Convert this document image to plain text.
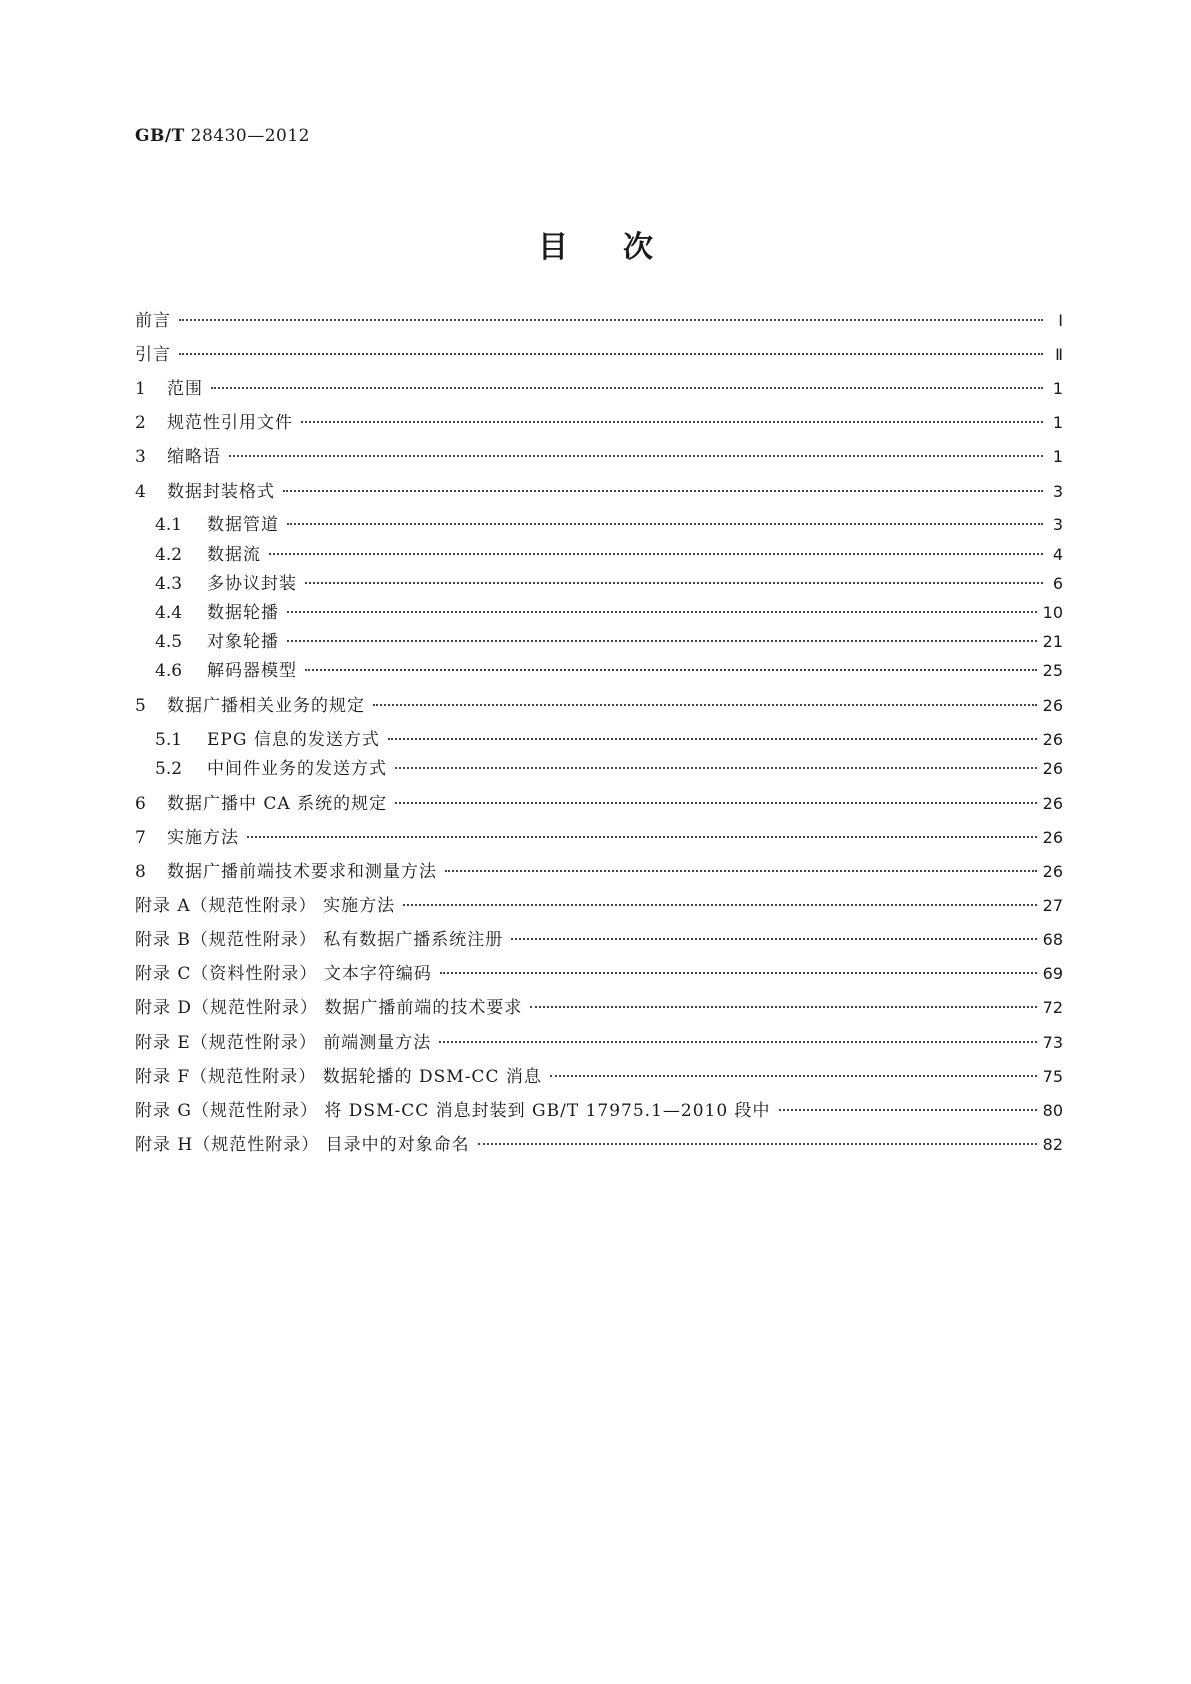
GB/T 28430—2012
目次
前言	Ⅰ
引言	Ⅱ
1	范围	1
2	规范性引用文件	1
3	缩略语	1
4	数据封装格式	3
4.1	数据管道	3
4.2	数据流	4
4.3	多协议封装	6
4.4	数据轮播	10
4.5	对象轮播	21
4.6	解码器模型	25
5	数据广播相关业务的规定	26
5.1	EPG 信息的发送方式	26
5.2	中间件业务的发送方式	26
6	数据广播中 CA 系统的规定	26
7	实施方法	26
8	数据广播前端技术要求和测量方法	26
附录 A（规范性附录） 实施方法	27
附录 B（规范性附录） 私有数据广播系统注册	68
附录 C（资料性附录） 文本字符编码	69
附录 D（规范性附录） 数据广播前端的技术要求	72
附录 E（规范性附录） 前端测量方法	73
附录 F（规范性附录） 数据轮播的 DSM-CC 消息	75
附录 G（规范性附录） 将 DSM-CC 消息封装到 GB/T 17975.1—2010 段中	80
附录 H（规范性附录） 目录中的对象命名	82
